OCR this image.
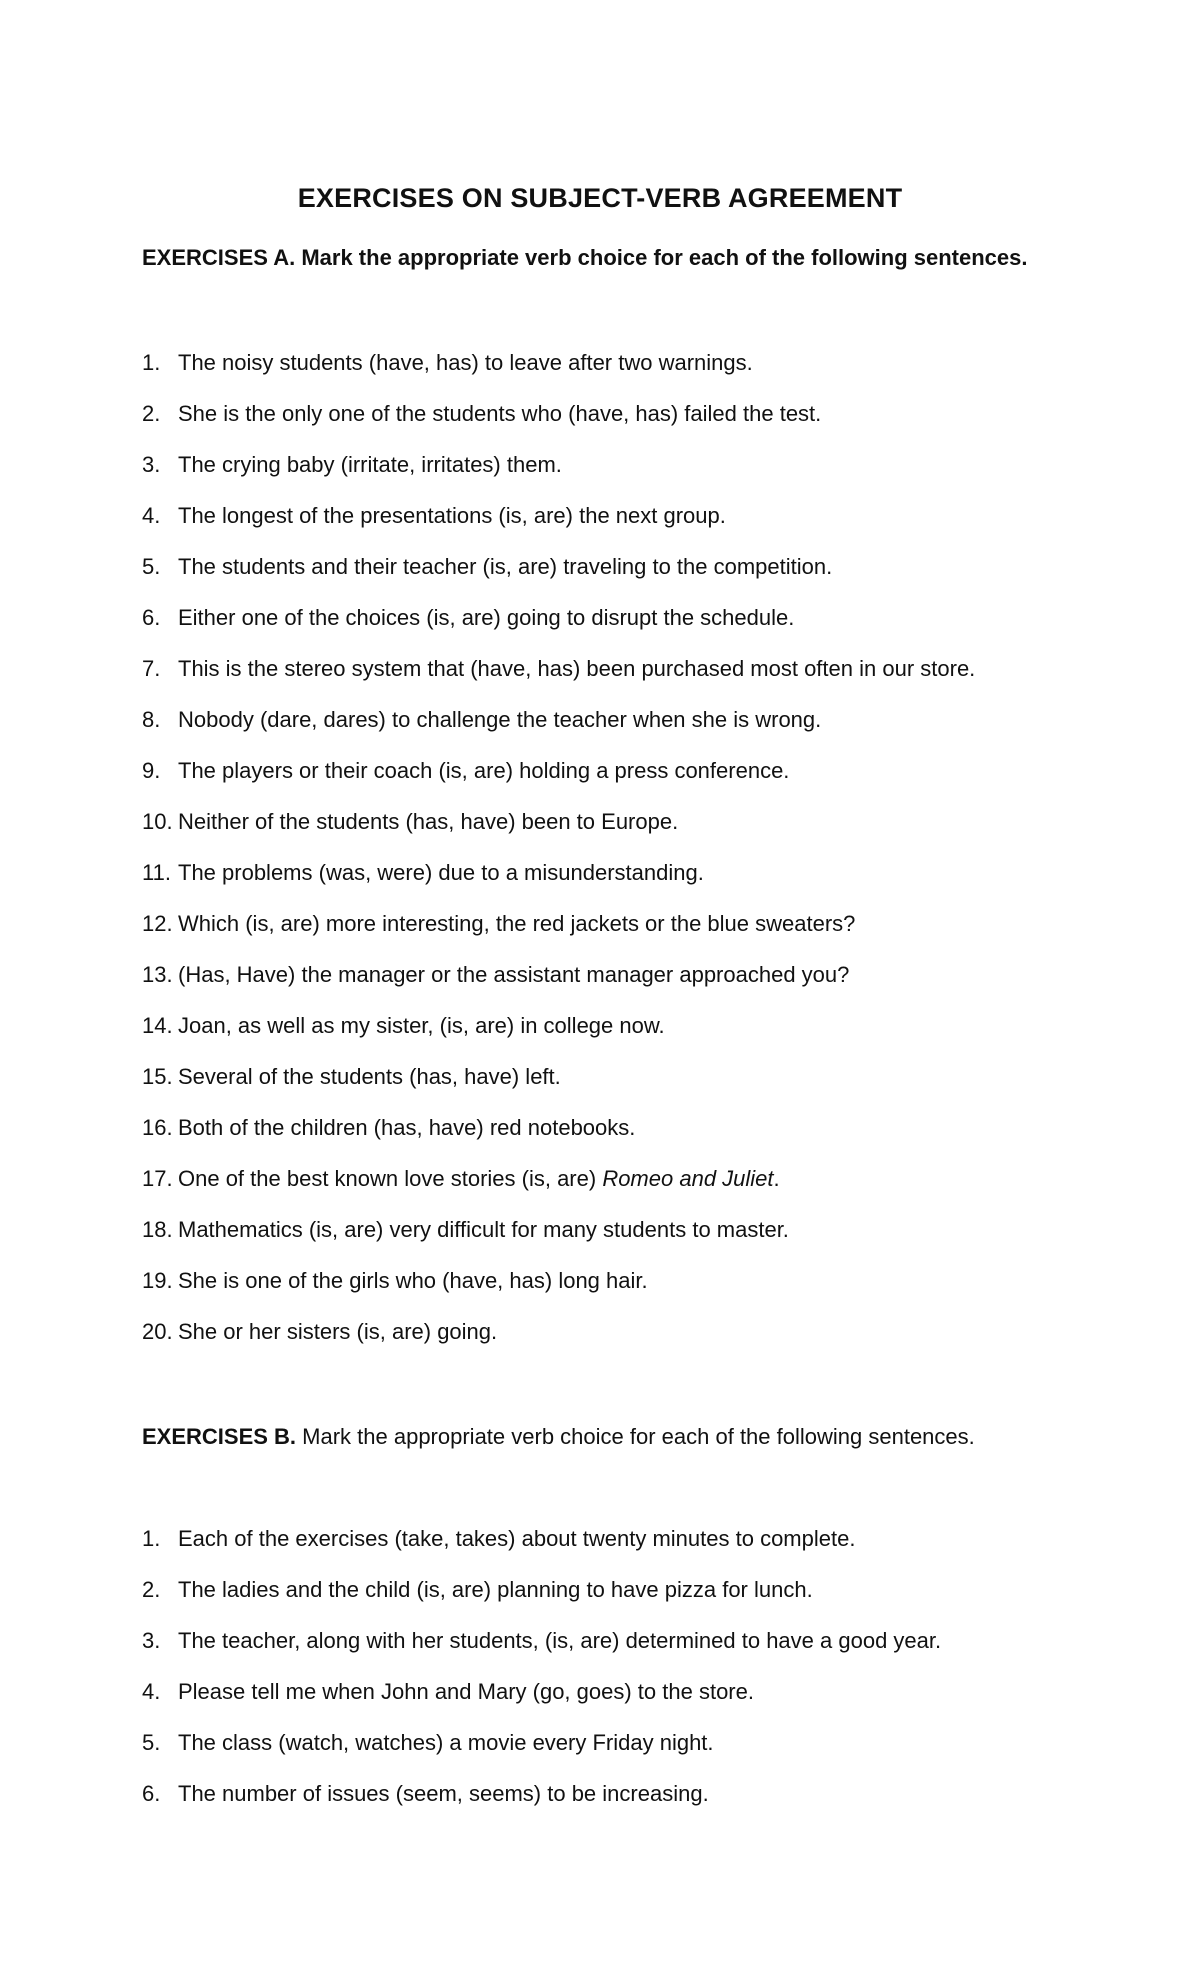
EXERCISES ON SUBJECT-VERB AGREEMENT
EXERCISES A. Mark the appropriate verb choice for each of the following sentences.
1. The noisy students (have, has) to leave after two warnings.
2. She is the only one of the students who (have, has) failed the test.
3. The crying baby (irritate, irritates) them.
4. The longest of the presentations (is, are) the next group.
5. The students and their teacher (is, are) traveling to the competition.
6. Either one of the choices (is, are) going to disrupt the schedule.
7. This is the stereo system that (have, has) been purchased most often in our store.
8. Nobody (dare, dares) to challenge the teacher when she is wrong.
9. The players or their coach (is, are) holding a press conference.
10. Neither of the students (has, have) been to Europe.
11. The problems (was, were) due to a misunderstanding.
12. Which (is, are) more interesting, the red jackets or the blue sweaters?
13. (Has, Have) the manager or the assistant manager approached you?
14. Joan, as well as my sister, (is, are) in college now.
15. Several of the students (has, have) left.
16. Both of the children (has, have) red notebooks.
17. One of the best known love stories (is, are) Romeo and Juliet.
18. Mathematics (is, are) very difficult for many students to master.
19. She is one of the girls who (have, has) long hair.
20. She or her sisters (is, are) going.
EXERCISES B. Mark the appropriate verb choice for each of the following sentences.
1. Each of the exercises (take, takes) about twenty minutes to complete.
2. The ladies and the child (is, are) planning to have pizza for lunch.
3. The teacher, along with her students, (is, are) determined to have a good year.
4. Please tell me when John and Mary (go, goes) to the store.
5. The class (watch, watches) a movie every Friday night.
6. The number of issues (seem, seems) to be increasing.
